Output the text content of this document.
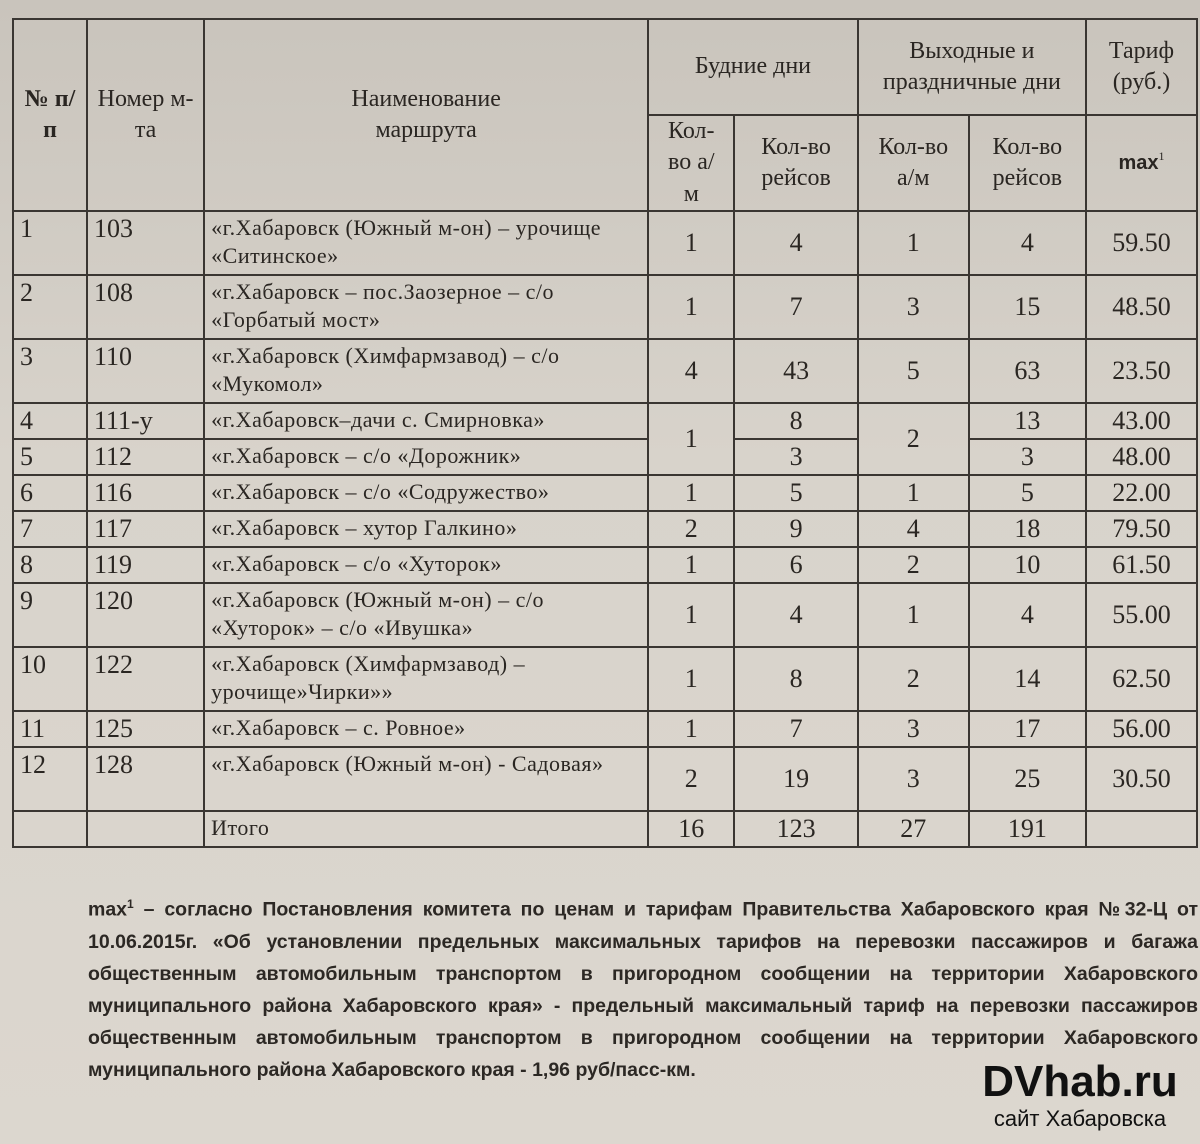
№ п/п	Номер м-та	Наименование маршрута	Будние дни		Выходные и праздничные дни		Тариф (руб.)
			Кол-во а/м	Кол-во рейсов	Кол-во а/м	Кол-во рейсов	$\max^1$
1	103	«г.Хабаровск (Южный м-он) – урочище «Ситинское»	1	4	1	4	59.50
2	108	«г.Хабаровск – пос.Заозерное – с/о «Горбатый мост»	1	7	3	15	48.50
3	110	«г.Хабаровск (Химфармзавод) – с/о «Мукомол»	4	43	5	63	23.50
4	111-у	«г.Хабаровск–дачи с. Смирновка»	1	8	2	13	43.00
5	112	«г.Хабаровск – с/о «Дорожник»		3		3	48.00
6	116	«г.Хабаровск – с/о «Содружество»	1	5	1	5	22.00
7	117	«г.Хабаровск – хутор Галкино»	2	9	4	18	79.50
8	119	«г.Хабаровск – с/о «Хуторок»	1	6	2	10	61.50
9	120	«г.Хабаровск (Южный м-он) – с/о «Хуторок» – с/о «Ивушка»	1	4	1	4	55.00
10	122	«г.Хабаровск (Химфармзавод) – урочище»Чирки»»	1	8	2	14	62.50
11	125	«г.Хабаровск – с. Ровное»	1	7	3	17	56.00
12	128	«г.Хабаровск (Южный м-он) - Садовая»	2	19	3	25	30.50
		Итого	16	123	27	191	
$\max^1$ – согласно Постановления комитета по ценам и тарифам Правительства Хабаровского края №32-Ц от 10.06.2015г. «Об установлении предельных максимальных тарифов на перевозки пассажиров и багажа общественным автомобильным транспортом в пригородном сообщении на территории Хабаровского муниципального района Хабаровского края» - предельный максимальный тариф на перевозки пассажиров общественным автомобильным транспортом в пригородном сообщении на территории Хабаровского муниципального района Хабаровского края - 1,96 руб/пасс-км.	DVhab.ru
сайт Хабаровска
